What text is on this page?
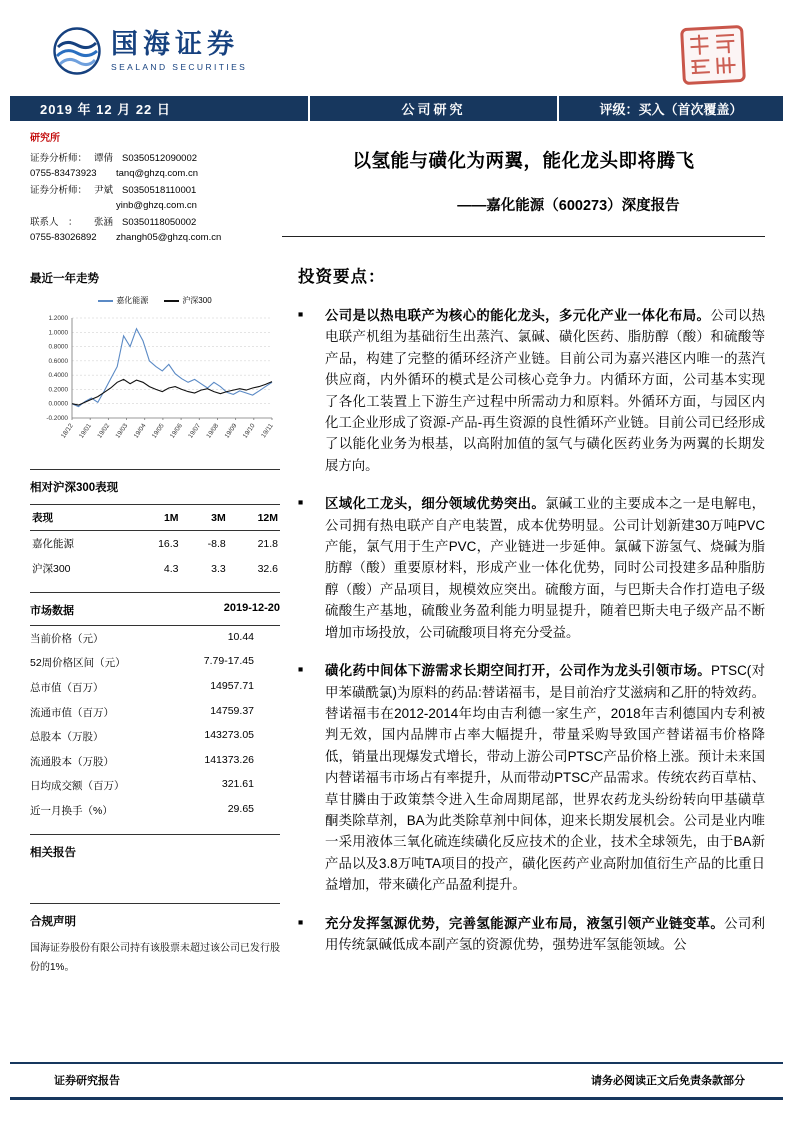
国海证券
SEALAND SECURITIES
2019 年 12 月 22 日	公司研究	评级： 买入（首次覆盖）
研究所
证券分析师： 谭倩 S0350512090002
0755-83473923 tanq@ghzq.com.cn
证券分析师： 尹斌 S0350518110001
yinb@ghzq.com.cn
联系人　： 张涵 S0350118050002
0755-83026892 zhangh05@ghzq.com.cn
以氢能与磺化为两翼，能化龙头即将腾飞
——嘉化能源（600273）深度报告
最近一年走势
嘉化能源	沪深300
1.2000
1.0000
0.8000
0.6000
0.4000
0.2000
0.0000
-0.2000
18/12 19/01 19/02 19/03 19/04 19/05 19/06 19/07 19/08 19/09 19/10 19/11
相对沪深300表现
表现	1M	3M	12M
嘉化能源	16.3	-8.8	21.8
沪深300	4.3	3.3	32.6
市场数据	2019-12-20
当前价格（元）	10.44
52周价格区间（元）	7.79-17.45
总市值（百万）	14957.71
流通市值（百万）	14759.37
总股本（万股）	143273.05
流通股本（万股）	141373.26
日均成交额（百万）	321.61
近一月换手（%）	29.65
相关报告
合规声明

国海证券股份有限公司持有该股票未超过该公司已发行股份的1%。

投资要点：
■	公司是以热电联产为核心的能化龙头，多元化产业一体化布局。公司以热电联产机组为基础衍生出蒸汽、氯碱、磺化医药、脂肪醇（酸）和硫酸等产品，构建了完整的循环经济产业链。目前公司为嘉兴港区内唯一的蒸汽供应商，内外循环的模式是公司核心竞争力。内循环方面，公司基本实现了各化工装置上下游生产过程中所需动力和原料。外循环方面，与园区内化工企业形成了资源-产品-再生资源的良性循环产业链。目前公司已经形成了以能化业务为根基，以高附加值的氢气与磺化医药业务为两翼的长期发展方向。

■	区域化工龙头，细分领域优势突出。氯碱工业的主要成本之一是电解电，公司拥有热电联产自产电装置，成本优势明显。公司计划新建30万吨PVC产能，氯气用于生产PVC，产业链进一步延伸。氯碱下游氢气、烧碱为脂肪醇（酸）重要原材料，形成产业一体化优势，同时公司投建多品种脂肪醇（酸）产品项目，规模效应突出。硫酸方面，与巴斯夫合作打造电子级硫酸生产基地，硫酸业务盈利能力明显提升，随着巴斯夫电子级产品不断增加市场投放，公司硫酸项目将充分受益。

■	磺化药中间体下游需求长期空间打开，公司作为龙头引领市场。PTSC(对甲苯磺酰氯)为原料的药品:替诺福韦，是目前治疗艾滋病和乙肝的特效药。替诺福韦在2012-2014年均由吉利德一家生产，2018年吉利德国内专利被判无效，国内品牌市占率大幅提升，带量采购导致国产替诺福韦价格降低，销量出现爆发式增长，带动上游公司PTSC产品价格上涨。预计未来国内替诺福韦市场占有率提升，从而带动PTSC产品需求。传统农药百草枯、草甘膦由于政策禁令进入生命周期尾部，世界农药龙头纷纷转向甲基磺草酮类除草剂，BA为此类除草剂中间体，迎来长期发展机会。公司是业内唯一采用液体三氧化硫连续磺化反应技术的企业，技术全球领先，由于BA新产品以及3.8万吨TA项目的投产，磺化医药产业高附加值衍生产品的比重日益增加，带来磺化产品盈利提升。

■	充分发挥氢源优势，完善氢能源产业布局，液氢引领产业链变革。公司利用传统氯碱低成本副产氢的资源优势，强势进军氢能领域。公

证券研究报告	请务必阅读正文后免责条款部分
